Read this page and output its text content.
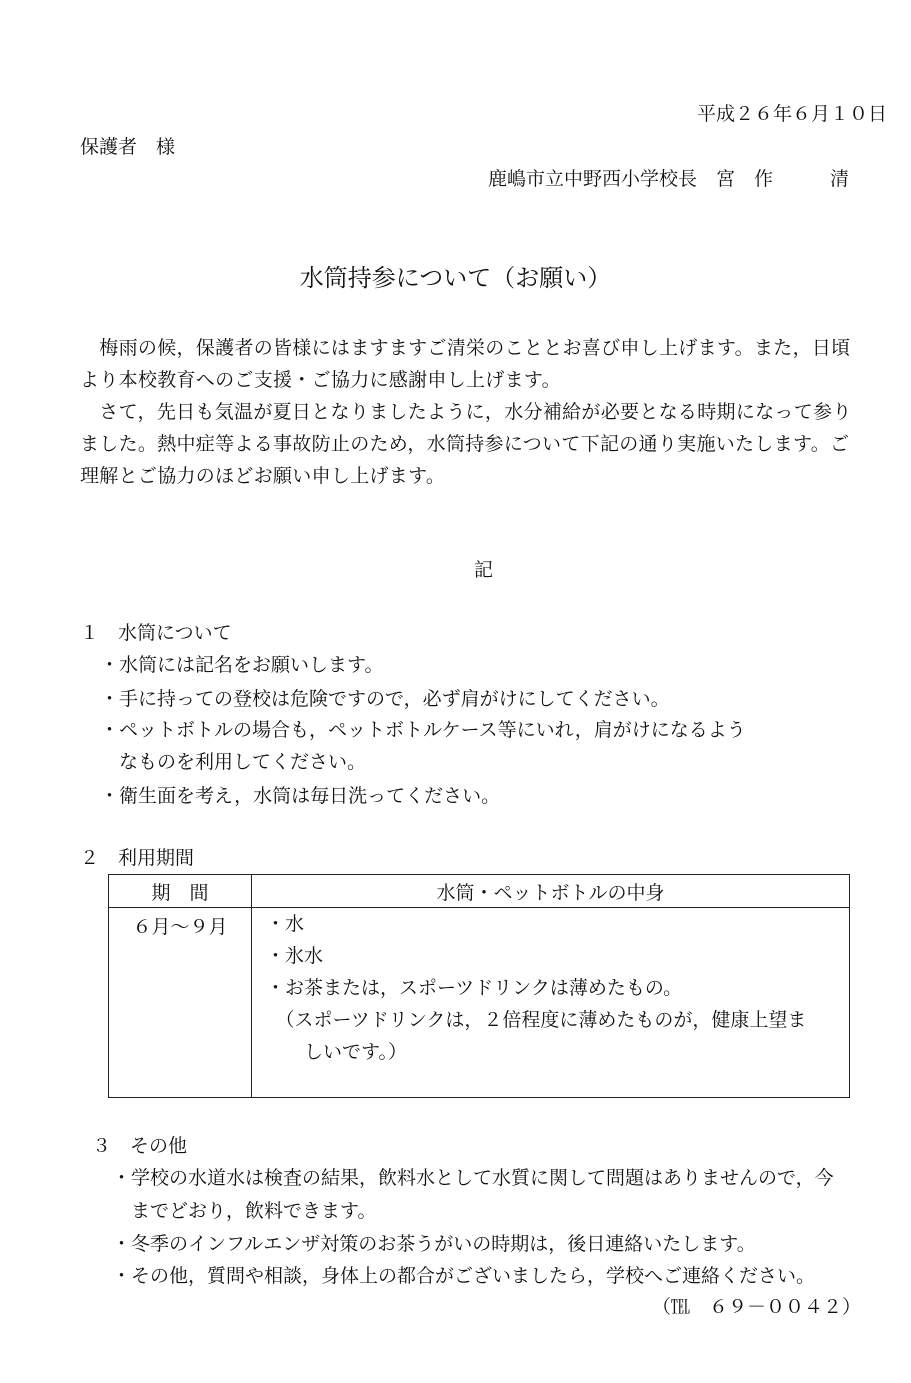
平成２６年６月１０日
保護者　様
鹿嶋市立中野西小学校長　宮　作　　　清
水筒持参について（お願い）
　梅雨の候，保護者の皆様にはますますご清栄のこととお喜び申し上げます。また，日頃
より本校教育へのご支援・ご協力に感謝申し上げます。
　さて，先日も気温が夏日となりましたように，水分補給が必要となる時期になって参り
ました。熱中症等よる事故防止のため，水筒持参について下記の通り実施いたします。ご
理解とご協力のほどお願い申し上げます。
記
１　水筒について
・水筒には記名をお願いします。
・手に持っての登校は危険ですので，必ず肩がけにしてください。
・ペットボトルの場合も，ペットボトルケース等にいれ，肩がけになるよう
　なものを利用してください。
・衛生面を考え，水筒は毎日洗ってください。
２　利用期間
期　間	水筒・ペットボトルの中身
６月～９月	・水
・氷水
・お茶または，スポーツドリンクは薄めたもの。
　（スポーツドリンクは，２倍程度に薄めたものが，健康上望ま
　　しいです。）
３　その他
・学校の水道水は検査の結果，飲料水として水質に関して問題はありませんので，今
　までどおり，飲料できます。
・冬季のインフルエンザ対策のお茶うがいの時期は，後日連絡いたします。
・その他，質問や相談，身体上の都合がございましたら，学校へご連絡ください。
（℡　６９－００４２）
